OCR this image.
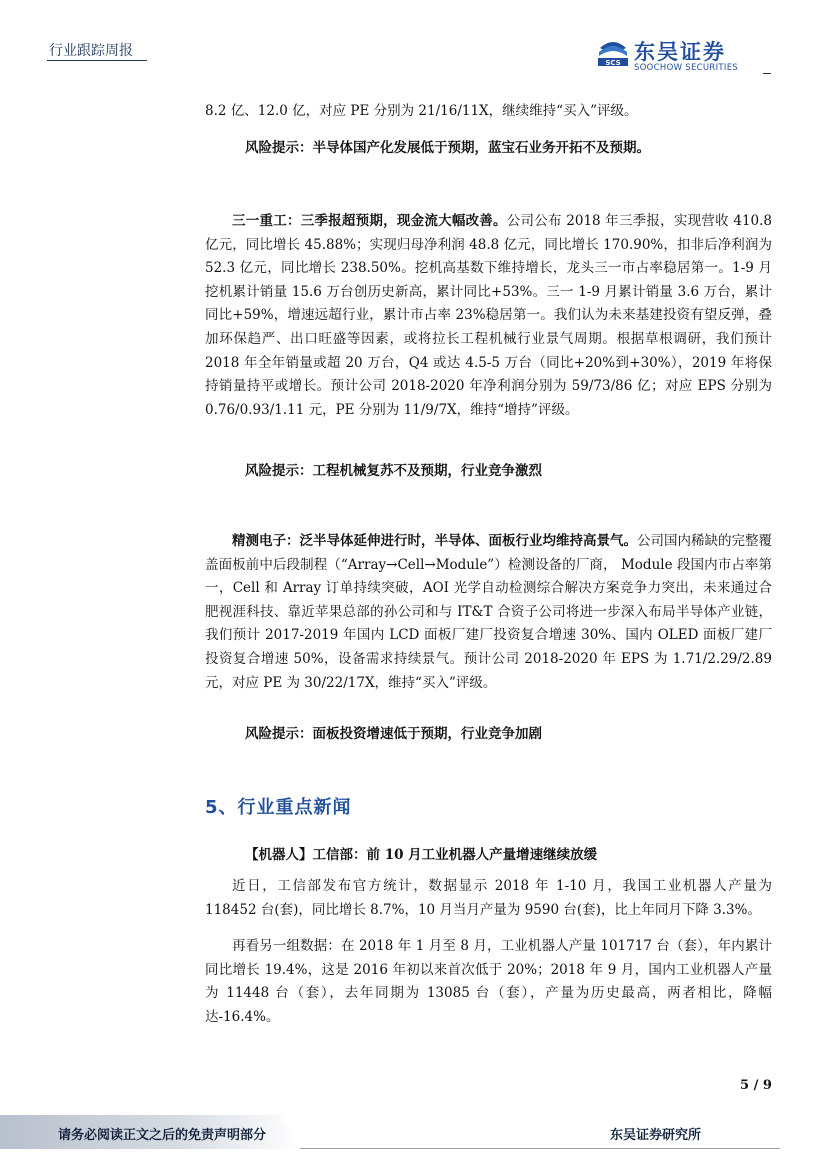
行业跟踪周报
SCS 东吴证券
SOOCHOW SECURITIES

8.2 亿、12.0 亿，对应 PE 分别为 21/16/11X，继续维持“买入”评级。

风险提示：半导体国产化发展低于预期，蓝宝石业务开拓不及预期。

三一重工：三季报超预期，现金流大幅改善。公司公布 2018 年三季报，实现营收 410.8 亿元，同比增长 45.88%；实现归母净利润 48.8 亿元，同比增长 170.90%，扣非后净利润为 52.3 亿元，同比增长 238.50%。挖机高基数下维持增长，龙头三一市占率稳居第一。1-9 月挖机累计销量 15.6 万台创历史新高，累计同比+53%。三一 1-9 月累计销量 3.6 万台，累计同比+59%，增速远超行业，累计市占率 23%稳居第一。我们认为未来基建投资有望反弹，叠加环保趋严、出口旺盛等因素，或将拉长工程机械行业景气周期。根据草根调研，我们预计 2018 年全年销量或超 20 万台，Q4 或达 4.5-5 万台（同比+20%到+30%），2019 年将保持销量持平或增长。预计公司 2018-2020 年净利润分别为 59/73/86 亿；对应 EPS 分别为 0.76/0.93/1.11 元，PE 分别为 11/9/7X，维持“增持”评级。

风险提示：工程机械复苏不及预期，行业竞争激烈

精测电子：泛半导体延伸进行时，半导体、面板行业均维持高景气。公司国内稀缺的完整覆盖面板前中后段制程（“Array→Cell→Module”）检测设备的厂商， Module 段国内市占率第一，Cell 和 Array 订单持续突破，AOI 光学自动检测综合解决方案竞争力突出，未来通过合肥视涯科技、靠近苹果总部的孙公司和与 IT&T 合资子公司将进一步深入布局半导体产业链，我们预计 2017-2019 年国内 LCD 面板厂建厂投资复合增速 30%、国内 OLED 面板厂建厂投资复合增速 50%，设备需求持续景气。预计公司 2018-2020 年 EPS 为 1.71/2.29/2.89 元，对应 PE 为 30/22/17X，维持“买入”评级。

风险提示：面板投资增速低于预期，行业竞争加剧
5、行业重点新闻
【机器人】工信部：前 10 月工业机器人产量增速继续放缓

近日，工信部发布官方统计，数据显示 2018 年 1-10 月，我国工业机器人产量为 118452 台(套)，同比增长 8.7%，10 月当月产量为 9590 台(套)，比上年同月下降 3.3%。

再看另一组数据：在 2018 年 1 月至 8 月，工业机器人产量 101717 台（套），年内累计同比增长 19.4%，这是 2016 年初以来首次低于 20%；2018 年 9 月，国内工业机器人产量为 11448 台（套），去年同期为 13085 台（套），产量为历史最高，两者相比，降幅达-16.4%。

5 / 9
请务必阅读正文之后的免责声明部分	东吴证券研究所
